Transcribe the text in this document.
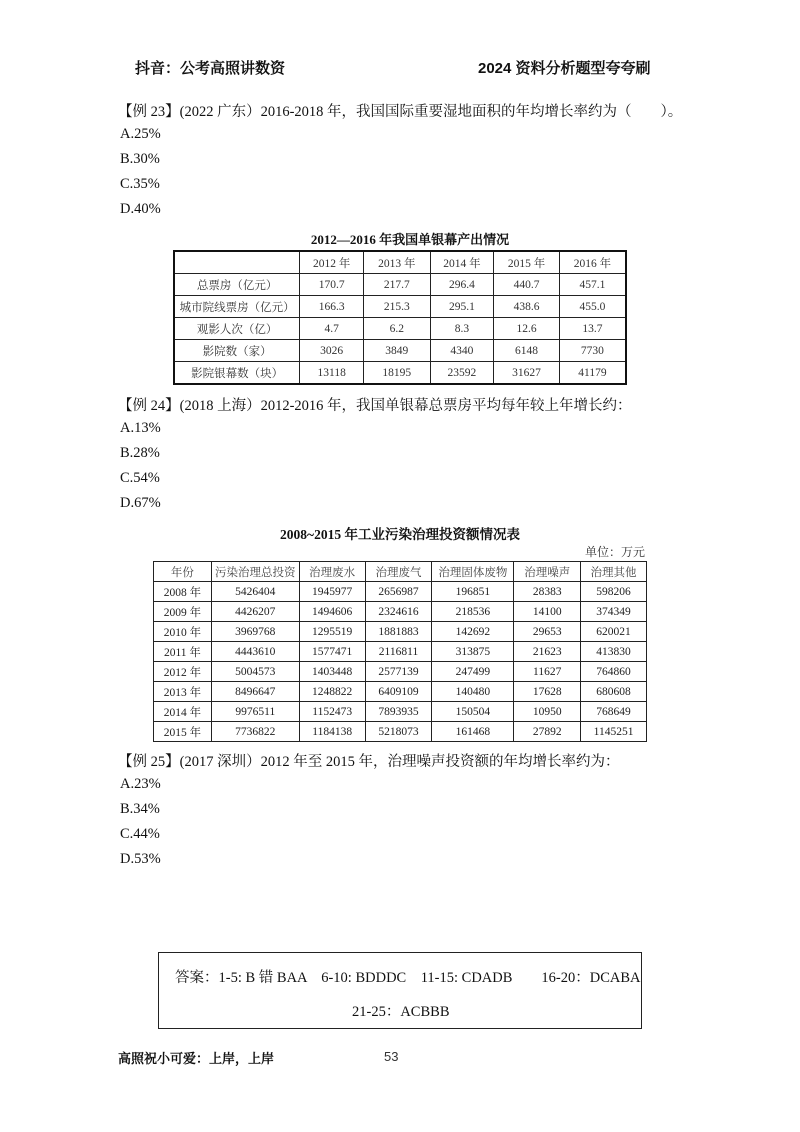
抖音：公考高照讲数资	2024 资料分析题型夸夸刷
【例 23】(2022 广东）2016-2018 年，我国国际重要湿地面积的年均增长率约为（　　）。
A.25%
B.30%
C.35%
D.40%
2012—2016 年我国单银幕产出情况
	2012 年	2013 年	2014 年	2015 年	2016 年
总票房（亿元）	170.7	217.7	296.4	440.7	457.1
城市院线票房（亿元）	166.3	215.3	295.1	438.6	455.0
观影人次（亿）	4.7	6.2	8.3	12.6	13.7
影院数（家）	3026	3849	4340	6148	7730
影院银幕数（块）	13118	18195	23592	31627	41179
【例 24】(2018 上海）2012-2016 年，我国单银幕总票房平均每年较上年增长约：
A.13%
B.28%
C.54%
D.67%
2008~2015 年工业污染治理投资额情况表
单位：万元
年份	污染治理总投资	治理废水	治理废气	治理固体废物	治理噪声	治理其他
2008 年	5426404	1945977	2656987	196851	28383	598206
2009 年	4426207	1494606	2324616	218536	14100	374349
2010 年	3969768	1295519	1881883	142692	29653	620021
2011 年	4443610	1577471	2116811	313875	21623	413830
2012 年	5004573	1403448	2577139	247499	11627	764860
2013 年	8496647	1248822	6409109	140480	17628	680608
2014 年	9976511	1152473	7893935	150504	10950	768649
2015 年	7736822	1184138	5218073	161468	27892	1145251
【例 25】(2017 深圳）2012 年至 2015 年，治理噪声投资额的年均增长率约为：
A.23%
B.34%
C.44%
D.53%
答案：1-5: B 错 BAA　6-10: BDDDC　11-15: CDADB　　16-20：DCABA
21-25：ACBBB
高照祝小可爱：上岸，上岸	53
